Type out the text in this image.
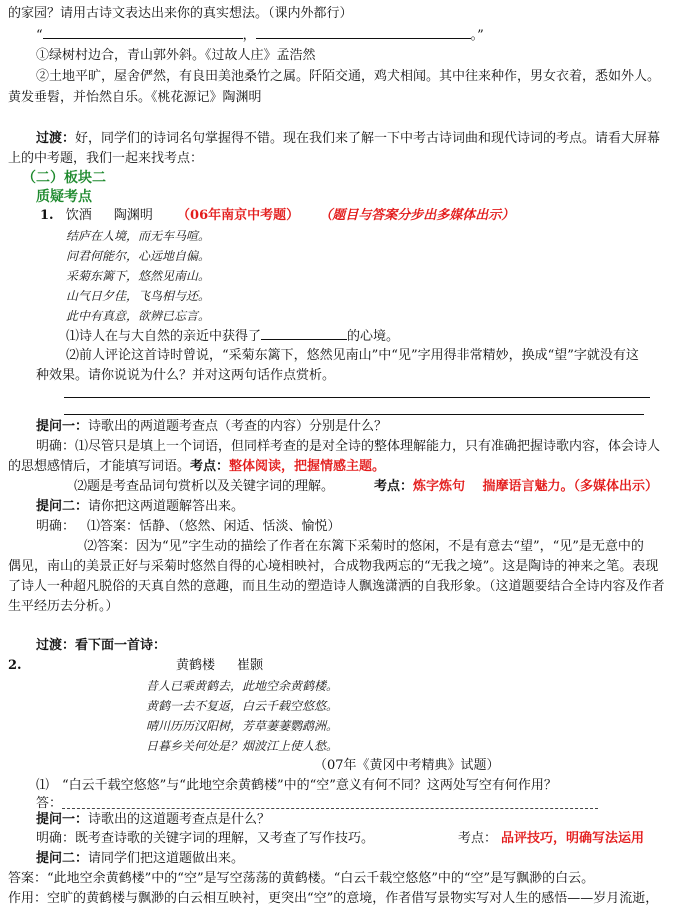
的家园？请用古诗文表达出来你的真实想法。（课内外都行）
“	，	。”
①绿树村边合，青山郭外斜。《过故人庄》孟浩然
②土地平旷，屋舍俨然，有良田美池桑竹之属。阡陌交通，鸡犬相闻。其中往来种作，男女衣着，悉如外人。
黄发垂髫，并怡然自乐。《桃花源记》陶渊明
过渡：好，同学们的诗词名句掌握得不错。现在我们来了解一下中考古诗词曲和现代诗词的考点。请看大屏幕
上的中考题，我们一起来找考点：
（二）板块二
质疑考点
1. 饮酒 陶渊明 （06年南京中考题） （题目与答案分步出多媒体出示）
结庐在人境，而无车马喧。
问君何能尔，心远地自偏。
采菊东篱下，悠然见南山。
山气日夕佳，飞鸟相与还。
此中有真意，欲辨已忘言。
⑴诗人在与大自然的亲近中获得了	的心境。
⑵前人评论这首诗时曾说，“采菊东篱下，悠然见南山”中“见”字用得非常精妙，换成“望”字就没有这
种效果。请你说说为什么？并对这两句话作点赏析。
提问一：诗歌出的两道题考查点（考查的内容）分别是什么？
明确：⑴尽管只是填上一个词语，但同样考查的是对全诗的整体理解能力，只有准确把握诗歌内容，体会诗人
的思想感情后，才能填写词语。考点：整体阅读，把握情感主题。
⑵题是考查品词句赏析以及关键字词的理解。	考点：炼字炼句　 揣摩语言魅力。（多媒体出示）
提问二：请你把这两道题解答出来。
明确： ⑴答案：恬静、（悠然、闲适、恬淡、愉悦）
⑵答案：因为“见”字生动的描绘了作者在东篱下采菊时的悠闲，不是有意去“望”，“见”是无意中的
偶见，南山的美景正好与采菊时悠然自得的心境相映衬，合成物我两忘的“无我之境”。这是陶诗的神来之笔。表现
了诗人一种超凡脱俗的天真自然的意趣，而且生动的塑造诗人飘逸潇洒的自我形象。（这道题要结合全诗内容及作者
生平经历去分析。）
过渡：看下面一首诗：
2.	黄鹤楼 崔颢
昔人已乘黄鹤去，此地空余黄鹤楼。
黄鹤一去不复返，白云千载空悠悠。
晴川历历汉阳树，芳草萋萋鹦鹉洲。
日暮乡关何处是？烟波江上使人愁。
（07年《黄冈中考精典》试题）
⑴　“白云千载空悠悠”与“此地空余黄鹤楼”中的“空”意义有何不同？这两处写空有何作用？
答：
提问一：诗歌出的这道题考查点是什么？
明确：既考查诗歌的关键字词的理解，又考查了写作技巧。	考点： 品评技巧，明确写法运用
提问二：请同学们把这道题做出来。
答案：“此地空余黄鹤楼”中的“空”是写空荡荡的黄鹤楼。“白云千载空悠悠”中的“空”是写飘渺的白云。
作用：空旷的黄鹤楼与飘渺的白云相互映衬，更突出“空”的意境，作者借写景物实写对人生的感悟——岁月流逝，
